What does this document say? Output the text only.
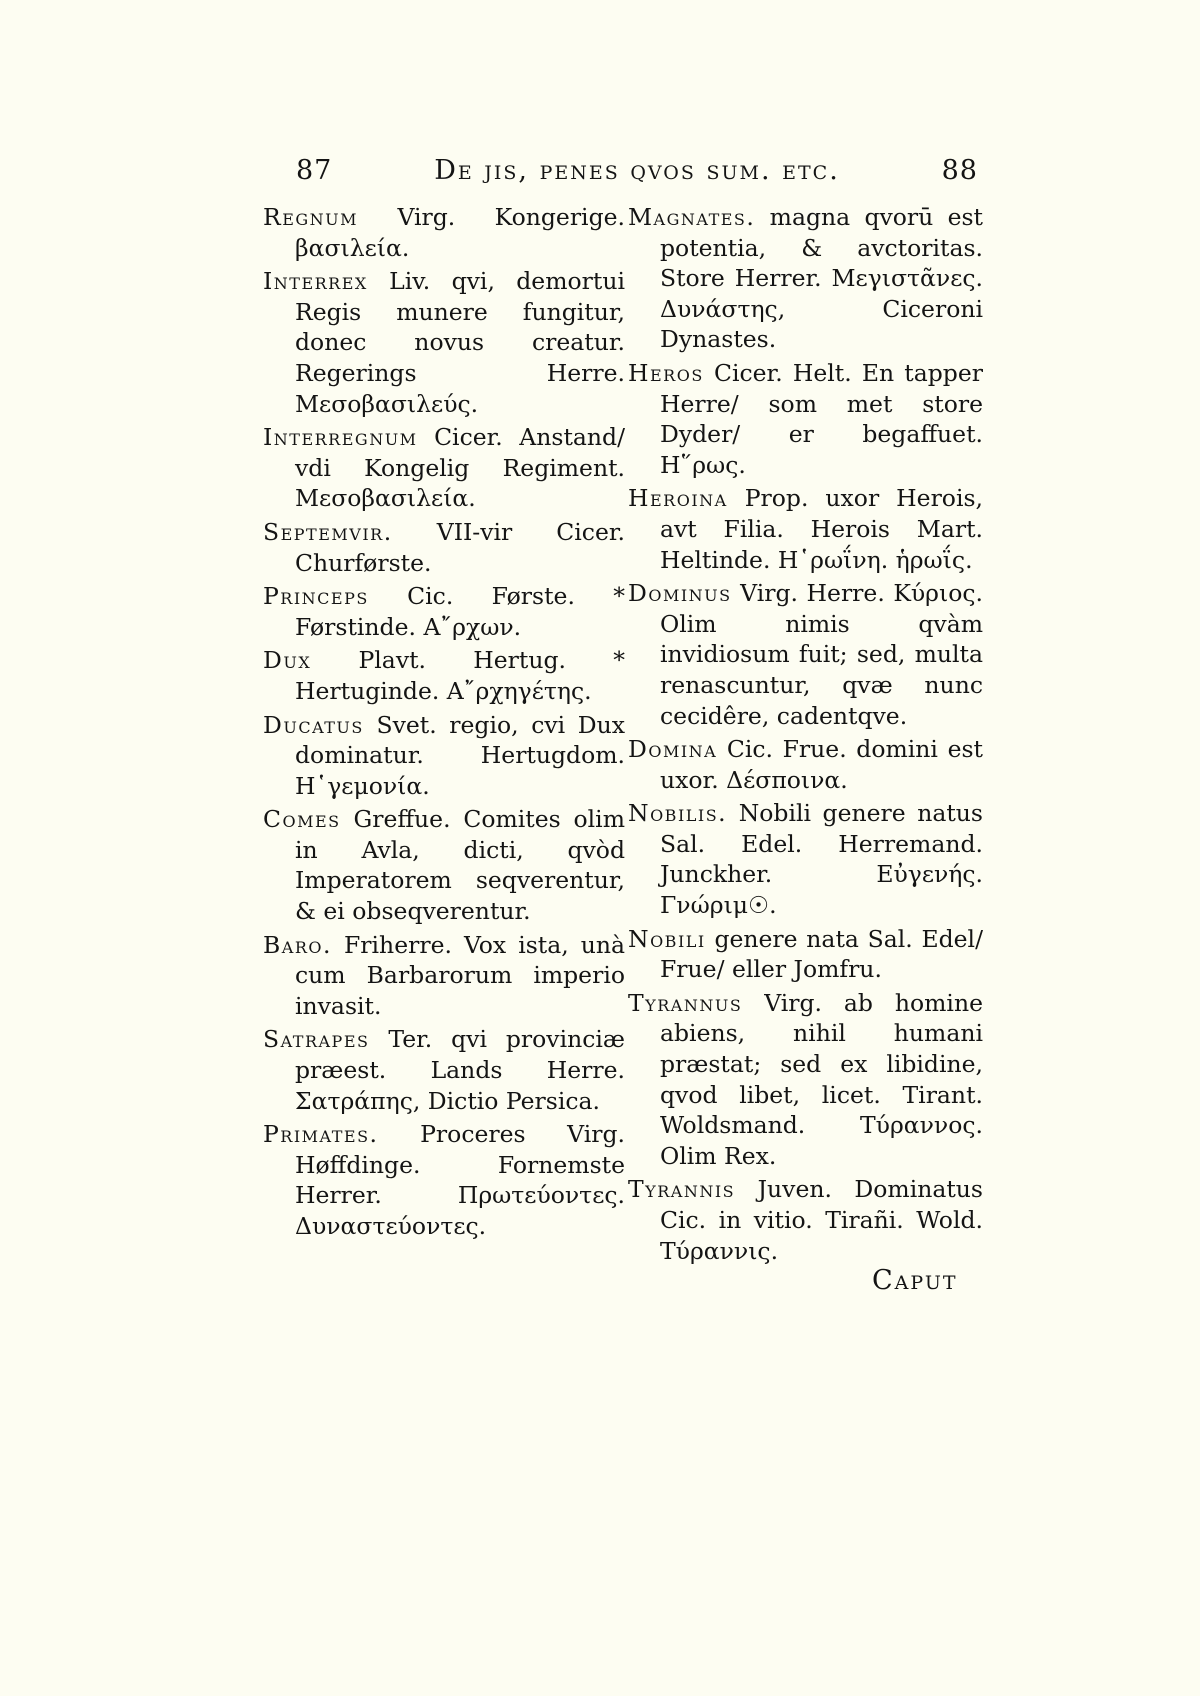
87	De jis, penes qvos sum. etc.	88

Regnum Virg. Kongerige. βασιλεία.

Interrex Liv. qvi, demortui Regis munere fungitur, donec novus creatur. Regerings Herre. Μεσοβασιλεύς.

Interregnum Cicer. Anstand/ vdi Kongelig Regiment. Μεσοβασιλεία.

Septemvir. VII-vir Cicer. Churførste.

Princeps Cic. Første. * Førstinde. Α῎ρχων.

Dux Plavt. Hertug. * Hertuginde. Α῎ρχηγέτης.

Ducatus Svet. regio, cvi Dux dominatur. Hertugdom. Η῾γεμονία.

Comes Greffue. Comites olim in Avla, dicti, qvòd Imperatorem seqverentur, & ei obseqverentur.

Baro. Friherre. Vox ista, unà cum Barbarorum imperio invasit.

Satrapes Ter. qvi provinciæ præest. Lands Herre. Σατράπης, Dictio Persica.

Primates. Proceres Virg. Høffdinge. Fornemste Herrer. Πρωτεύοντες. Δυναστεύοντες.

Magnates. magna qvorū est potentia, & avctoritas. Store Herrer. Μεγιστᾶνες. Δυνάστης, Ciceroni Dynastes.

Heros Cicer. Helt. En tapper Herre/ som met store Dyder/ er begaffuet. Η῞ρως.

Heroina Prop. uxor Herois, avt Filia. Herois Mart. Heltinde. Η῾ρωΐνη. ἡρωΐς.

Dominus Virg. Herre. Κύριος. Olim nimis qvàm invidiosum fuit; sed, multa renascuntur, qvæ nunc cecidêre, cadentqve.

Domina Cic. Frue. domini est uxor. Δέσποινα.

Nobilis. Nobili genere natus Sal. Edel. Herremand. Junckher. Εὐγενής. Γνώριμ☉.

Nobili genere nata Sal. Edel/ Frue/ eller Jomfru.

Tyrannus Virg. ab homine abiens, nihil humani præstat; sed ex libidine, qvod libet, licet. Tirant. Woldsmand. Τύραννος. Olim Rex.

Tyrannis Juven. Dominatus Cic. in vitio. Tirañi. Wold. Τύραννις.

Caput
